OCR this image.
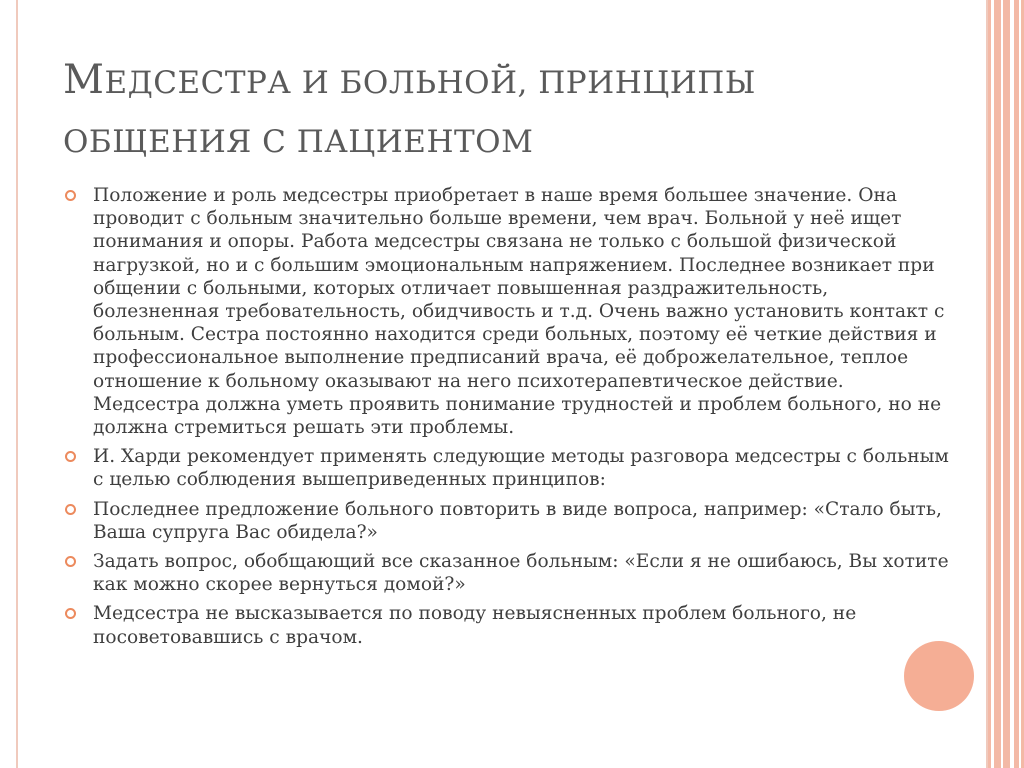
МЕДСЕСТРА И БОЛЬНОЙ, ПРИНЦИПЫ
ОБЩЕНИЯ С ПАЦИЕНТОМ
Положение и роль медсестры приобретает в наше время большее значение. Она проводит с больным значительно больше времени, чем врач. Больной у неё ищет понимания и опоры. Работа медсестры связана не только с большой физической нагрузкой, но и с большим эмоциональным напряжением. Последнее возникает при общении с больными, которых отличает повышенная раздражительность, болезненная требовательность, обидчивость и т.д. Очень важно установить контакт с больным. Сестра постоянно находится среди больных, поэтому её четкие действия и профессиональное выполнение предписаний врача, её доброжелательное, теплое отношение к больному оказывают на него психотерапевтическое действие. Медсестра должна уметь проявить понимание трудностей и проблем больного, но не должна стремиться решать эти проблемы.
И. Харди рекомендует применять следующие методы разговора медсестры с больным с целью соблюдения вышеприведенных принципов:
Последнее предложение больного повторить в виде вопроса, например: «Стало быть, Ваша супруга Вас обидела?»
Задать вопрос, обобщающий все сказанное больным: «Если я не ошибаюсь, Вы хотите как можно скорее вернуться домой?»
Медсестра не высказывается по поводу невыясненных проблем больного, не посоветовавшись с врачом.
